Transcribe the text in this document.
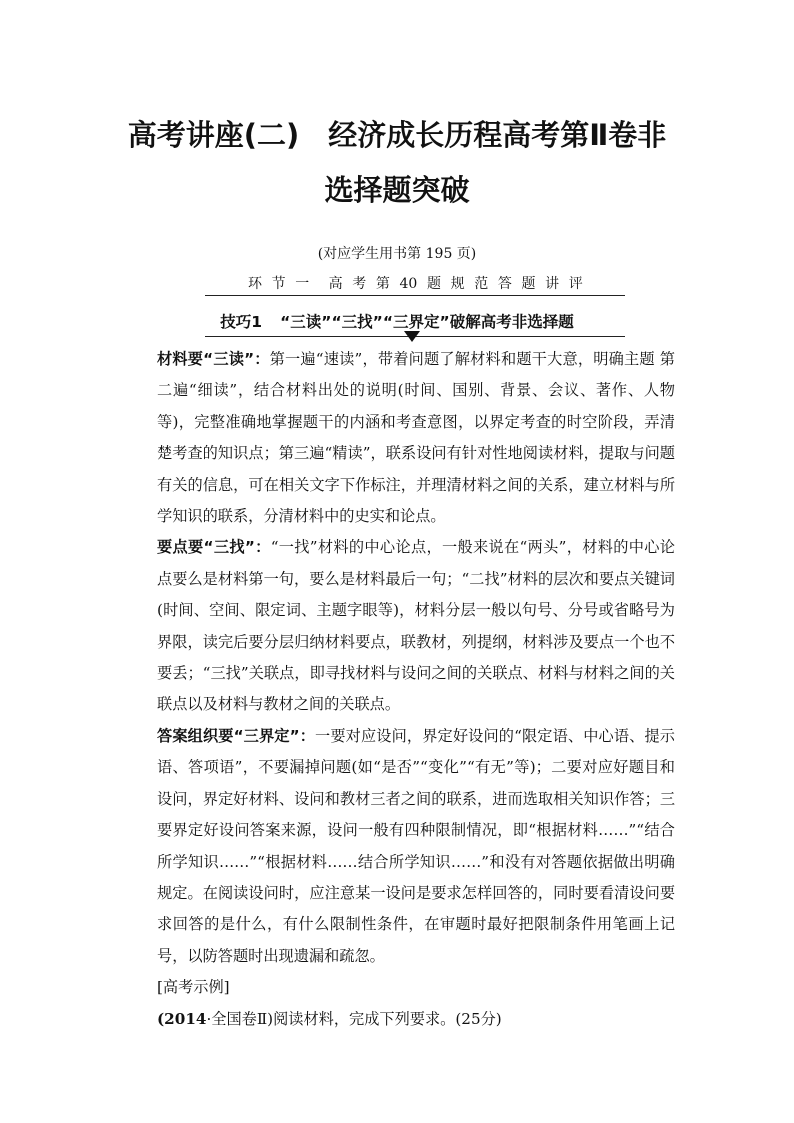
高考讲座(二)　经济成长历程高考第Ⅱ卷非
选择题突破
(对应学生用书第 195 页)
环 节 一 高 考 第 40 题 规 范 答 题 讲 评
技巧1 “三读”“三找”“三界定”破解高考非选择题
材料要“三读”：第一遍“速读”，带着问题了解材料和题干大意，明确主题 第二遍“细读”，结合材料出处的说明(时间、国别、背景、会议、著作、人物等)，完整准确地掌握题干的内涵和考查意图，以界定考查的时空阶段，弄清楚考查的知识点；第三遍“精读”，联系设问有针对性地阅读材料，提取与问题有关的信息，可在相关文字下作标注，并理清材料之间的关系，建立材料与所学知识的联系，分清材料中的史实和论点。
要点要“三找”：“一找”材料的中心论点，一般来说在“两头”，材料的中心论点要么是材料第一句，要么是材料最后一句；“二找”材料的层次和要点关键词(时间、空间、限定词、主题字眼等)，材料分层一般以句号、分号或省略号为界限，读完后要分层归纳材料要点，联教材，列提纲，材料涉及要点一个也不要丢；“三找”关联点，即寻找材料与设问之间的关联点、材料与材料之间的关联点以及材料与教材之间的关联点。
答案组织要“三界定”：一要对应设问，界定好设问的“限定语、中心语、提示语、答项语”，不要漏掉问题(如“是否”“变化”“有无”等)；二要对应好题目和设问，界定好材料、设问和教材三者之间的联系，进而选取相关知识作答；三要界定好设问答案来源，设问一般有四种限制情况，即“根据材料……”“结合所学知识……”“根据材料……结合所学知识……”和没有对答题依据做出明确规定。在阅读设问时，应注意某一设问是要求怎样回答的，同时要看清设问要求回答的是什么，有什么限制性条件，在审题时最好把限制条件用笔画上记号，以防答题时出现遗漏和疏忽。
[高考示例]
(2014·全国卷Ⅱ)阅读材料，完成下列要求。(25分)
